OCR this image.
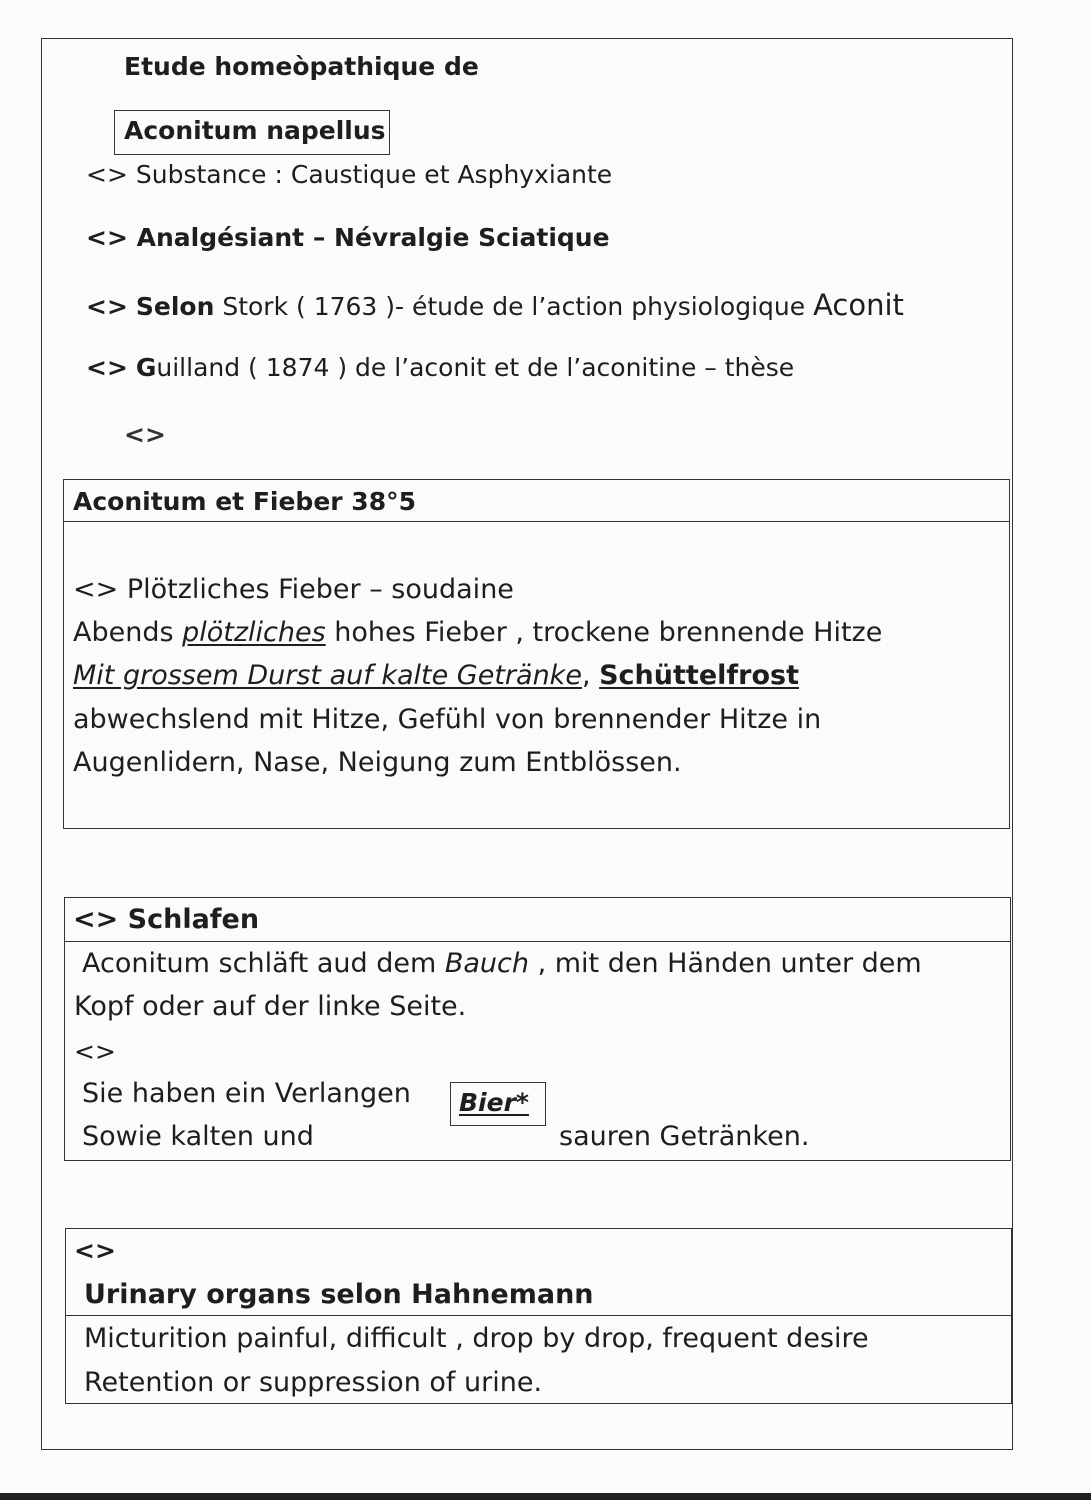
Etude homeòpathique de
Aconitum napellus
<> Substance : Caustique et Asphyxiante
<> Analgésiant – Névralgie Sciatique
<> Selon Stork ( 1763 )- étude de l’action physiologique Aconit
<> Guilland ( 1874 ) de l’aconit et de l’aconitine – thèse
<>
Aconitum et Fieber 38°5
<> Plötzliches Fieber – soudaine
Abends plötzliches hohes Fieber , trockene brennende Hitze
Mit grossem Durst auf kalte Getränke, Schüttelfrost
abwechslend mit Hitze, Gefühl von brennender Hitze in
Augenlidern, Nase, Neigung zum Entblössen.
<> Schlafen
Aconitum schläft aud dem Bauch , mit den Händen unter dem
Kopf oder auf der linke Seite.
<>
Sie haben ein Verlangen Bier*
Sowie kalten und	sauren Getränken.
<>
Urinary organs selon Hahnemann
Micturition painful, difficult , drop by drop, frequent desire
Retention or suppression of urine.
